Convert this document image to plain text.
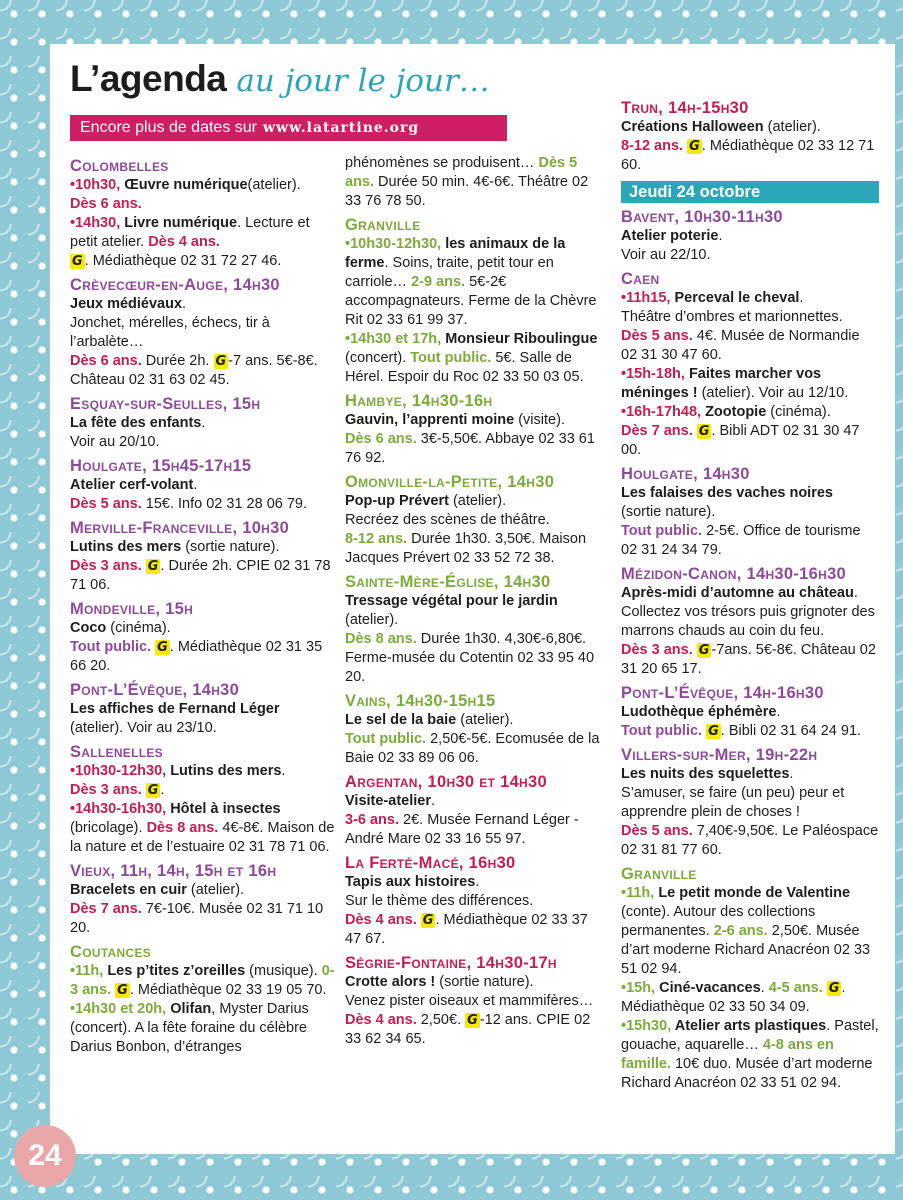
L’agenda au jour le jour…
Encore plus de dates sur www.latartine.org
Colombelles
•10h30, Œuvre numérique(atelier).
Dès 6 ans.
•14h30, Livre numérique. Lecture et petit atelier. Dès 4 ans.
G . Médiathèque 02 31 72 27 46.
Crèvecœur-en-Auge, 14h30
Jeux médiévaux.
Jonchet, mérelles, échecs, tir à l’arbalète…
Dès 6 ans. Durée 2h. G -7 ans. 5€-8€. Château 02 31 63 02 45.
Esquay-sur-Seulles, 15h
La fête des enfants.
Voir au 20/10.
Houlgate, 15h45-17h15
Atelier cerf-volant.
Dès 5 ans. 15€. Info 02 31 28 06 79.
Merville-Franceville, 10h30
Lutins des mers (sortie nature).
Dès 3 ans. G . Durée 2h. CPIE 02 31 78 71 06.
Mondeville, 15h
Coco (cinéma).
Tout public. G . Médiathèque 02 31 35 66 20.
Pont-L’Évêque, 14h30
Les affiches de Fernand Léger
(atelier). Voir au 23/10.
Sallenelles
•10h30-12h30, Lutins des mers.
Dès 3 ans. G .
•14h30-16h30, Hôtel à insectes (bricolage). Dès 8 ans. 4€-8€. Maison de la nature et de l’estuaire 02 31 78 71 06.
Vieux, 11h, 14h, 15h et 16h
Bracelets en cuir (atelier).
Dès 7 ans. 7€-10€. Musée 02 31 71 10 20.
Coutances
•11h, Les p’tites z’oreilles (musique). 0-3 ans. G . Médiathèque 02 33 19 05 70.
•14h30 et 20h, Olifan, Myster Darius (concert). A la fête foraine du célèbre Darius Bonbon, d’étranges
phénomènes se produisent… Dès 5 ans. Durée 50 min. 4€-6€. Théâtre 02 33 76 78 50.
Granville
•10h30-12h30, les animaux de la ferme. Soins, traite, petit tour en carriole… 2-9 ans. 5€-2€ accompagnateurs. Ferme de la Chèvre Rit 02 33 61 99 37.
•14h30 et 17h, Monsieur Riboulingue (concert). Tout public. 5€. Salle de Hérel. Espoir du Roc 02 33 50 03 05.
Hambye, 14h30-16h
Gauvin, l’apprenti moine (visite).
Dès 6 ans. 3€-5,50€. Abbaye 02 33 61 76 92.
Omonville-la-Petite, 14h30
Pop-up Prévert (atelier).
Recréez des scènes de théâtre.
8-12 ans. Durée 1h30. 3,50€. Maison Jacques Prévert 02 33 52 72 38.
Sainte-Mère-Église, 14h30
Tressage végétal pour le jardin (atelier).
Dès 8 ans. Durée 1h30. 4,30€-6,80€. Ferme-musée du Cotentin 02 33 95 40 20.
Vains, 14h30-15h15
Le sel de la baie (atelier).
Tout public. 2,50€-5€. Ecomusée de la Baie 02 33 89 06 06.
Argentan, 10h30 et 14h30
Visite-atelier.
3-6 ans. 2€. Musée Fernand Léger - André Mare 02 33 16 55 97.
La Ferté-Macé, 16h30
Tapis aux histoires.
Sur le thème des différences.
Dès 4 ans. G . Médiathèque 02 33 37 47 67.
Ségrie-Fontaine, 14h30-17h
Crotte alors ! (sortie nature).
Venez pister oiseaux et mammifères…
Dès 4 ans. 2,50€. G -12 ans. CPIE 02 33 62 34 65.
Trun, 14h-15h30
Créations Halloween (atelier).
8-12 ans. G . Médiathèque 02 33 12 71 60.
Jeudi 24 octobre
Bavent, 10h30-11h30
Atelier poterie.
Voir au 22/10.
Caen
•11h15, Perceval le cheval.
Théâtre d’ombres et marionnettes.
Dès 5 ans. 4€. Musée de Normandie 02 31 30 47 60.
•15h-18h, Faites marcher vos méninges ! (atelier). Voir au 12/10.
•16h-17h48, Zootopie (cinéma).
Dès 7 ans. G . Bibli ADT 02 31 30 47 00.
Houlgate, 14h30
Les falaises des vaches noires
(sortie nature).
Tout public. 2-5€. Office de tourisme 02 31 24 34 79.
Mézidon-Canon, 14h30-16h30
Après-midi d’automne au château.
Collectez vos trésors puis grignoter des marrons chauds au coin du feu.
Dès 3 ans. G -7ans. 5€-8€. Château 02 31 20 65 17.
Pont-L’Évêque, 14h-16h30
Ludothèque éphémère.
Tout public. G . Bibli 02 31 64 24 91.
Villers-sur-Mer, 19h-22h
Les nuits des squelettes.
S’amuser, se faire (un peu) peur et apprendre plein de choses !
Dès 5 ans. 7,40€-9,50€. Le Paléospace 02 31 81 77 60.
Granville
•11h, Le petit monde de Valentine (conte). Autour des collections permanentes. 2-6 ans. 2,50€. Musée d’art moderne Richard Anacréon 02 33 51 02 94.
•15h, Ciné-vacances. 4-5 ans. G .
Médiathèque 02 33 50 34 09.
•15h30, Atelier arts plastiques. Pastel, gouache, aquarelle… 4-8 ans en famille. 10€ duo. Musée d’art moderne Richard Anacréon 02 33 51 02 94.
24
